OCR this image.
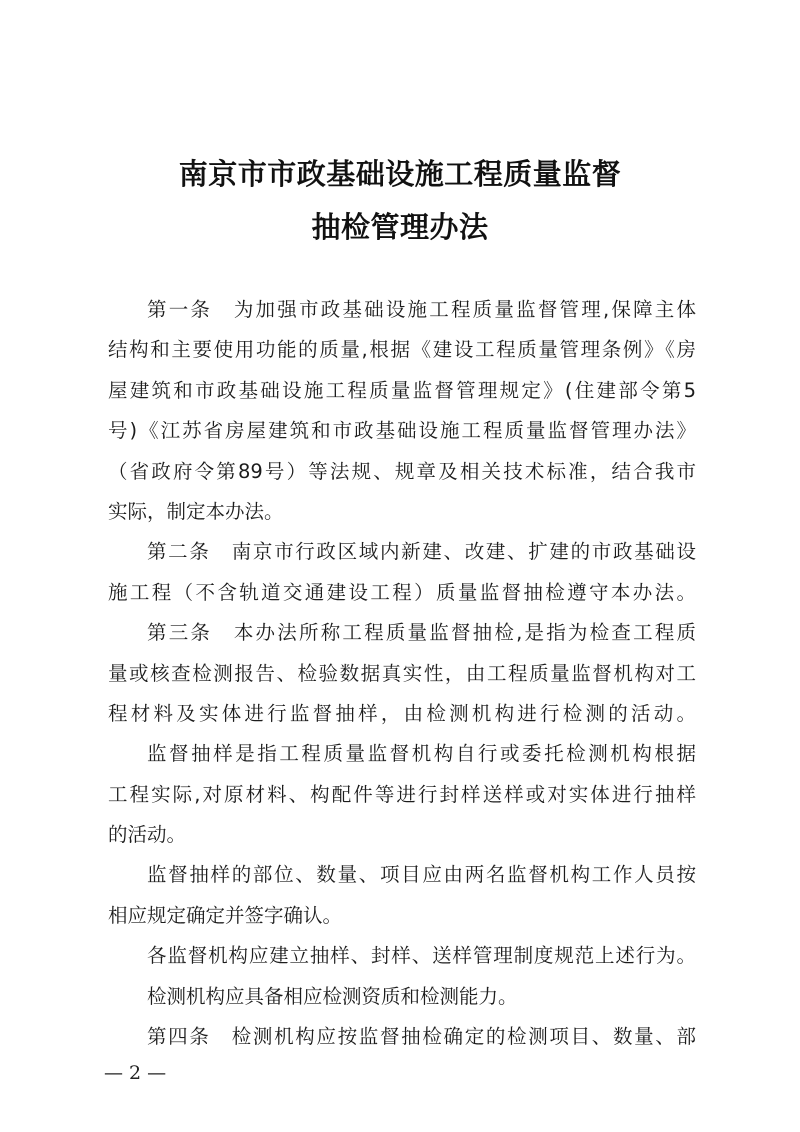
南京市市政基础设施工程质量监督
抽检管理办法
第一条　为加强市政基础设施工程质量监督管理,保障主体
结构和主要使用功能的质量,根据《建设工程质量管理条例》《房
屋建筑和市政基础设施工程质量监督管理规定》(住建部令第5
号)《江苏省房屋建筑和市政基础设施工程质量监督管理办法》
（省政府令第89号）等法规、规章及相关技术标准，结合我市
实际，制定本办法。
第二条　南京市行政区域内新建、改建、扩建的市政基础设
施工程（不含轨道交通建设工程）质量监督抽检遵守本办法。
第三条　本办法所称工程质量监督抽检,是指为检查工程质
量或核查检测报告、检验数据真实性，由工程质量监督机构对工
程材料及实体进行监督抽样，由检测机构进行检测的活动。
监督抽样是指工程质量监督机构自行或委托检测机构根据
工程实际,对原材料、构配件等进行封样送样或对实体进行抽样
的活动。
监督抽样的部位、数量、项目应由两名监督机构工作人员按
相应规定确定并签字确认。
各监督机构应建立抽样、封样、送样管理制度规范上述行为。
检测机构应具备相应检测资质和检测能力。
第四条　检测机构应按监督抽检确定的检测项目、数量、部
— 2 —
